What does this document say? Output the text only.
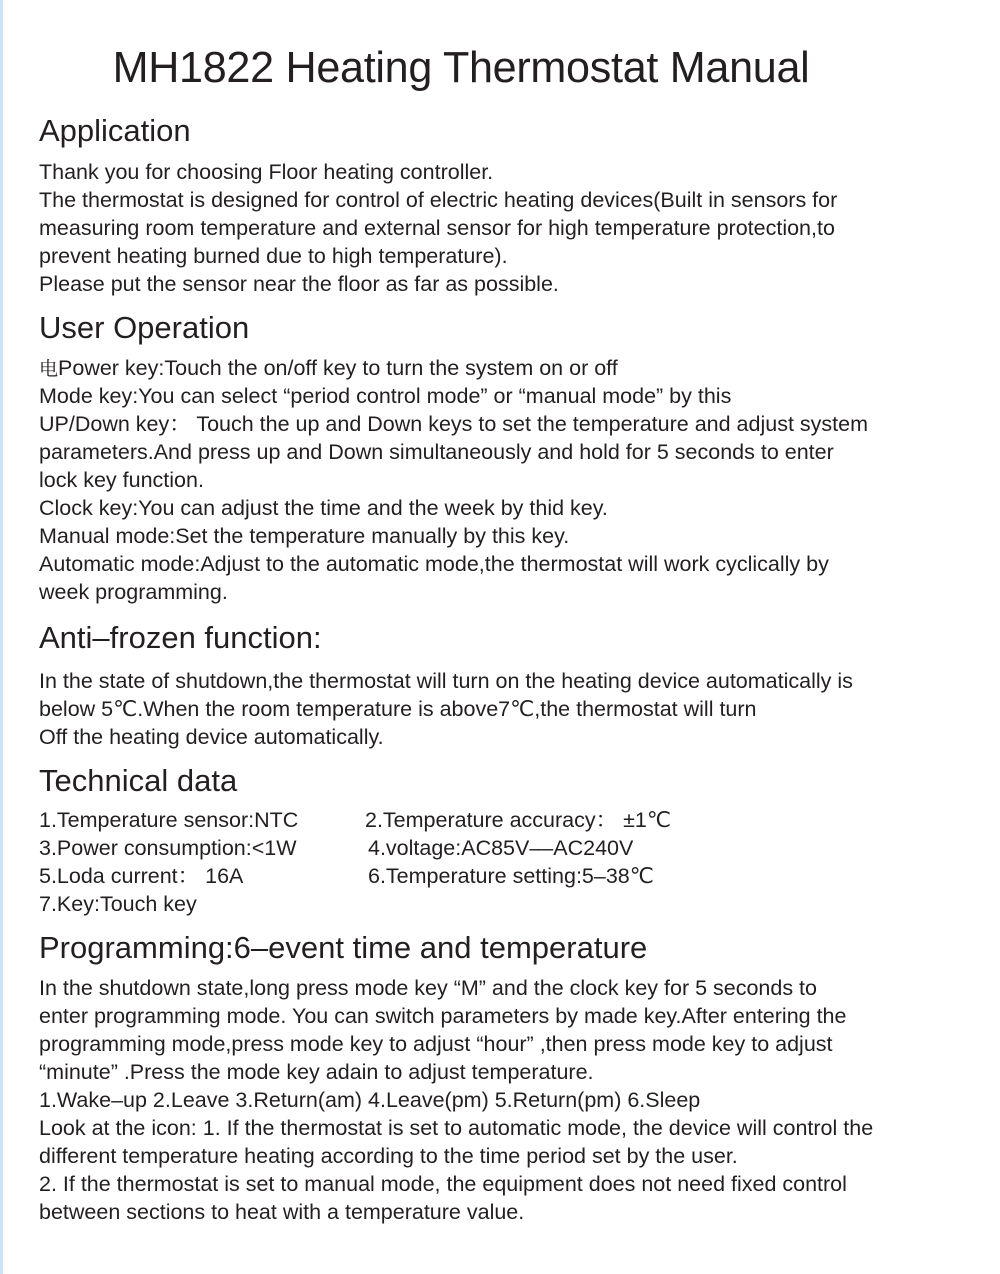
MH1822 Heating Thermostat Manual
Application
Thank you for choosing Floor heating controller.
The thermostat is designed for control of electric heating devices(Built in sensors for
measuring room temperature and external sensor for high temperature protection,to
prevent heating burned due to high temperature).
Please put the sensor near the floor as far as possible.
User Operation
电Power key:Touch the on/off key to turn the system on or off
Mode key:You can select “period control mode” or “manual mode” by this
UP/Down key： Touch the up and Down keys to set the temperature and adjust system
parameters.And press up and Down simultaneously and hold for 5 seconds to enter
lock key function.
Clock key:You can adjust the time and the week by thid key.
Manual mode:Set the temperature manually by this key.
Automatic mode:Adjust to the automatic mode,the thermostat will work cyclically by
week programming.
Anti–frozen function:
In the state of shutdown,the thermostat will turn on the heating device automatically is
below 5℃.When the room temperature is above7℃,the thermostat will turn
Off the heating device automatically.
Technical data
1.Temperature sensor:NTC	2.Temperature accuracy： ±1℃
3.Power consumption:<1W	4.voltage:AC85V––AC240V
5.Loda current： 16A	6.Temperature setting:5–38℃
7.Key:Touch key
Programming:6–event time and temperature
In the shutdown state,long press mode key “M” and the clock key for 5 seconds to
enter programming mode. You can switch parameters by made key.After entering the
programming mode,press mode key to adjust “hour” ,then press mode key to adjust
“minute” .Press the mode key adain to adjust temperature.
1.Wake–up 2.Leave 3.Return(am) 4.Leave(pm) 5.Return(pm) 6.Sleep
Look at the icon: 1. If the thermostat is set to automatic mode, the device will control the
different temperature heating according to the time period set by the user.
2. If the thermostat is set to manual mode, the equipment does not need fixed control
between sections to heat with a temperature value.
